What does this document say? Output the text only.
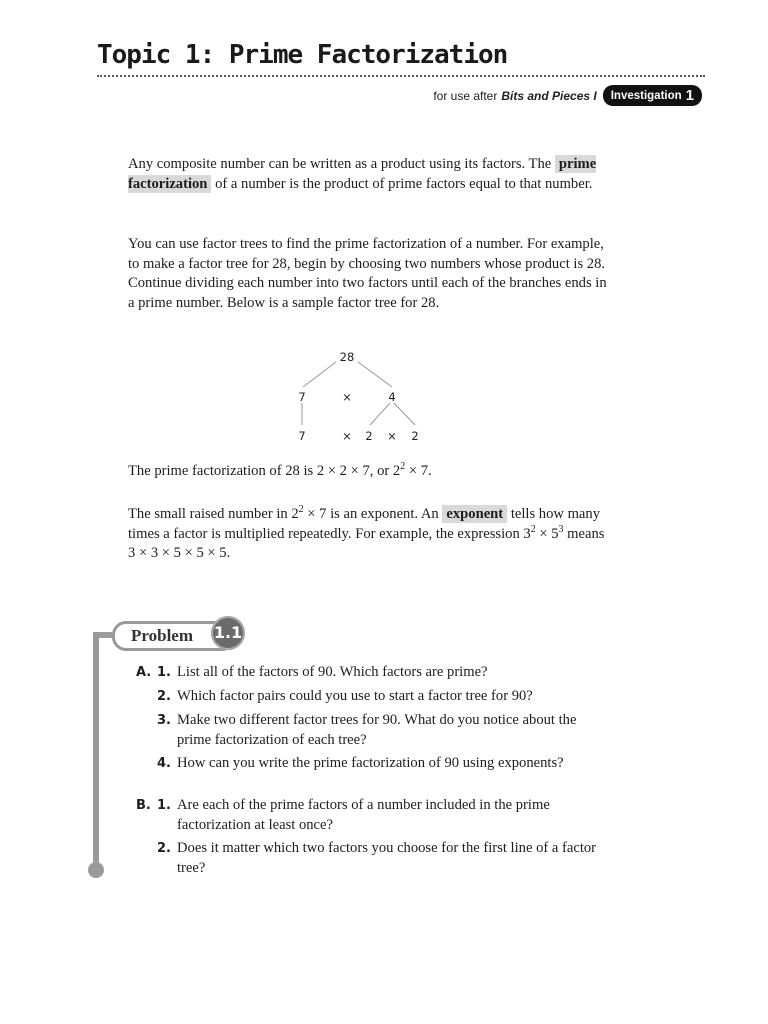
Topic 1: Prime Factorization
for use after Bits and Pieces I Investigation 1
Any composite number can be written as a product using its factors. The prime factorization of a number is the product of prime factors equal to that number.
You can use factor trees to find the prime factorization of a number. For example, to make a factor tree for 28, begin by choosing two numbers whose product is 28. Continue dividing each number into two factors until each of the branches ends in a prime number. Below is a sample factor tree for 28.
28
7	×	4
7	× 2 × 2
The prime factorization of 28 is 2 × 2 × 7, or $2^2 \times 7$.
The small raised number in $2^2 \times 7$ is an exponent. An exponent tells how many times a factor is multiplied repeatedly. For example, the expression $3^2 \times 5^3$ means 3 × 3 × 5 × 5 × 5.
Problem	1.1
A. 1. List all of the factors of 90. Which factors are prime?
2. Which factor pairs could you use to start a factor tree for 90?
3. Make two different factor trees for 90. What do you notice about the prime factorization of each tree?
4. How can you write the prime factorization of 90 using exponents?
B. 1. Are each of the prime factors of a number included in the prime factorization at least once?
2. Does it matter which two factors you choose for the first line of a factor tree?
